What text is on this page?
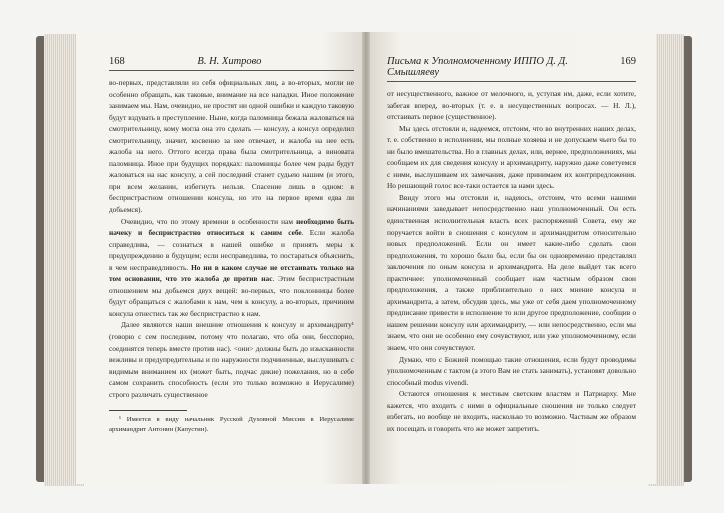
168	В. Н. Хитрово

во-первых, представляли из себя официальных лиц, а во-вторых, могли не особенно обращать, как таковые, внимание на все нападки. Иное положение занимаем мы. Нам, очевидно, не простят ни одной ошибки и каждую таковую будут вздувать в преступление. Ныне, когда паломница бежала жаловаться на смотрительницу, кому могла она это сделать — консулу, а консул определил смотрительницу, значит, косвенно за нее отвечает, и жалоба на нее есть жалоба на него. Оттого всегда права была смотрительница, а виновата паломница. Иное при будущих порядках: паломницы более чем рады будут жаловаться на нас консулу, а сей последний станет судьею нашим (и этого, при всем желании, избегнуть нельзя. Спасение лишь в одном: в беспристрастном отношении консула, но это на первое время едва ли добьемся).

Очевидно, что по этому времени в особенности нам необходимо быть начеку и беспристрастно относиться к самим себе. Если жалоба справедлива, — сознаться в нашей ошибке и принять меры к предупреждению в будущем; если несправедлива, то постараться объяснить, в чем несправедливость. Но ни в каком случае не отстаивать только на том основании, что это жалоба де против нас. Этим беспристрастным отношением мы добьемся двух вещей: во-первых, что поклонницы более будут обращаться с жалобами к нам, чем к консулу, а во-вторых, причиним консула отнестись так же беспристрастно к нам.

Далее являются наши внешние отношения к консулу и архимандриту¹ (говорю с сем последним, потому что полагаю, что оба они, бесспорно, соединятся теперь вместе против нас). <они> должны быть до изысканности вежливы и предупредительны и по наружности подчиненные, выслушивать с видимым вниманием их (может быть, подчас дикие) пожелания, но в себе самом сохранить способность (если это только возможно в Иерусалиме) строго различать существенное

¹ Имеется в виду начальник Русской Духовной Миссии в Иерусалиме архимандрит Антонин (Капустин).
Письма к Уполномоченному ИППО Д. Д. Смышляеву
169

от несущественного, важное от мелочного, и, уступая им, даже, если хотите, забегая вперед, во-вторых (т. е. в несущественных вопросах. — Н. Л.), отстаивать первое (существенное).

Мы здесь отстояли и, надеемся, отстоим, что во внутренних наших делах, т. е. собственно в исполнении, мы полные хозяева и не допускаем чьего бы то ни было вмешательства. Но в главных делах, или, вернее, предположениях, мы сообщаем их для сведения консулу и архимандриту, наружно даже советуемся с ними, выслушиваем их замечания, даже принимаем их контрпредложения. Но решающий голос все-таки остается за нами здесь.

Ввиду этого мы отстояли и, надеюсь, отстоим, что всеми нашими начинаниями заведывает непосредственно наш уполномоченный. Он есть единственная исполнительная власть всех распоряжений Совета, ему же поручается войти в сношения с консулом и архимандритом относительно новых предположений. Если он имеет какие-либо сделать свои предположения, то хорошо было бы, если бы он одновременно представлял заключения по оным консула и архимандрита. На деле выйдет так всего практичнее: уполномоченный сообщает нам частным образом свои предположения, а также приблизительно о них мнение консула и архимандрита, а затем, обсудив здесь, мы уже от себя даем уполномоченному предписание привести в исполнение то или другое предположение, сообщив о нашем решении консулу или архимандриту, — или непосредственно, если мы знаем, что они не особенно ему сочувствуют, или уже уполномоченному, если знаем, что они сочувствуют.

Думаю, что с Божией помощью такие отношения, если будут проводимы уполномоченным с тактом (а этого Вам не стать занимать), установят довольно способный modus vivendi.

Остаются отношения к местным светским властям и Патриарху. Мне кажется, что входить с ними в официальные сношения не только следует избегать, но вообще не входить, насколько то возможно. Частным же образом их посещать и говорить что же может запретить.
